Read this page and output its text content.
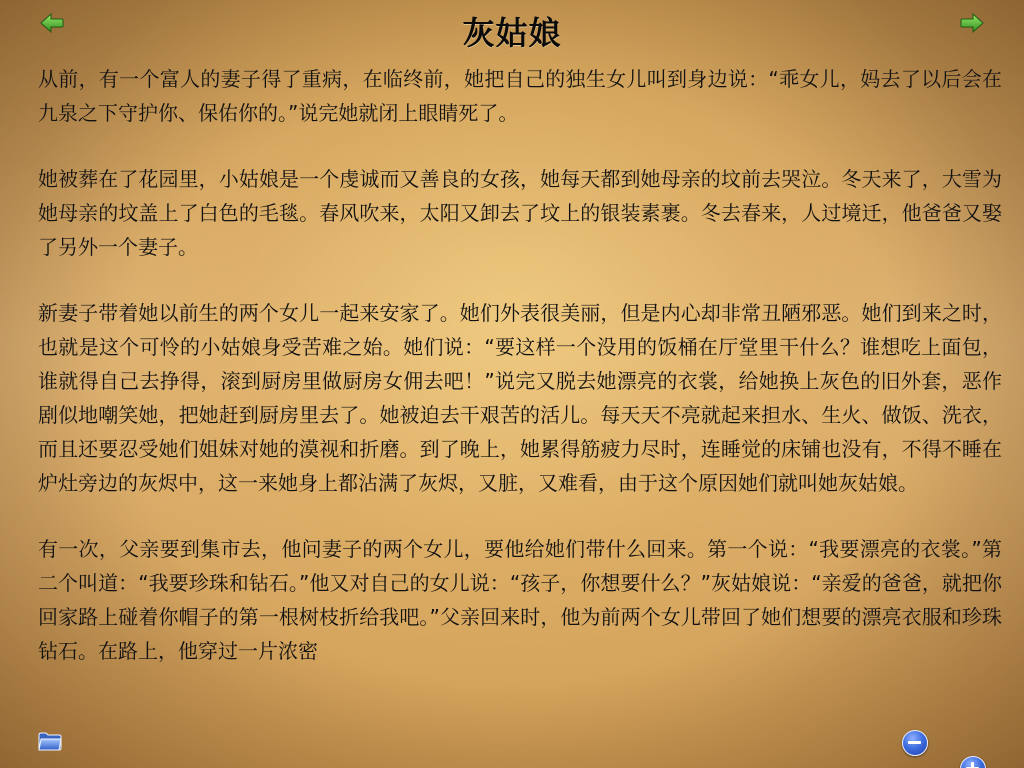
灰姑娘

从前，有一个富人的妻子得了重病，在临终前，她把自己的独生女儿叫到身边说：“乖女儿，妈去了以后会在九泉之下守护你、保佑你的。”说完她就闭上眼睛死了。

她被葬在了花园里，小姑娘是一个虔诚而又善良的女孩，她每天都到她母亲的坟前去哭泣。冬天来了，大雪为她母亲的坟盖上了白色的毛毯。春风吹来，太阳又卸去了坟上的银装素裹。冬去春来，人过境迁，他爸爸又娶了另外一个妻子。

新妻子带着她以前生的两个女儿一起来安家了。她们外表很美丽，但是内心却非常丑陋邪恶。她们到来之时，也就是这个可怜的小姑娘身受苦难之始。她们说：“要这样一个没用的饭桶在厅堂里干什么？谁想吃上面包，谁就得自己去挣得，滚到厨房里做厨房女佣去吧！”说完又脱去她漂亮的衣裳，给她换上灰色的旧外套，恶作剧似地嘲笑她，把她赶到厨房里去了。她被迫去干艰苦的活儿。每天天不亮就起来担水、生火、做饭、洗衣，而且还要忍受她们姐妹对她的漠视和折磨。到了晚上，她累得筋疲力尽时，连睡觉的床铺也没有，不得不睡在炉灶旁边的灰烬中，这一来她身上都沾满了灰烬，又脏，又难看，由于这个原因她们就叫她灰姑娘。

有一次，父亲要到集市去，他问妻子的两个女儿，要他给她们带什么回来。第一个说：“我要漂亮的衣裳。”第二个叫道：“我要珍珠和钻石。”他又对自己的女儿说：“孩子，你想要什么？”灰姑娘说：“亲爱的爸爸，就把你回家路上碰着你帽子的第一根树枝折给我吧。”父亲回来时，他为前两个女儿带回了她们想要的漂亮衣服和珍珠钻石。在路上，他穿过一片浓密
